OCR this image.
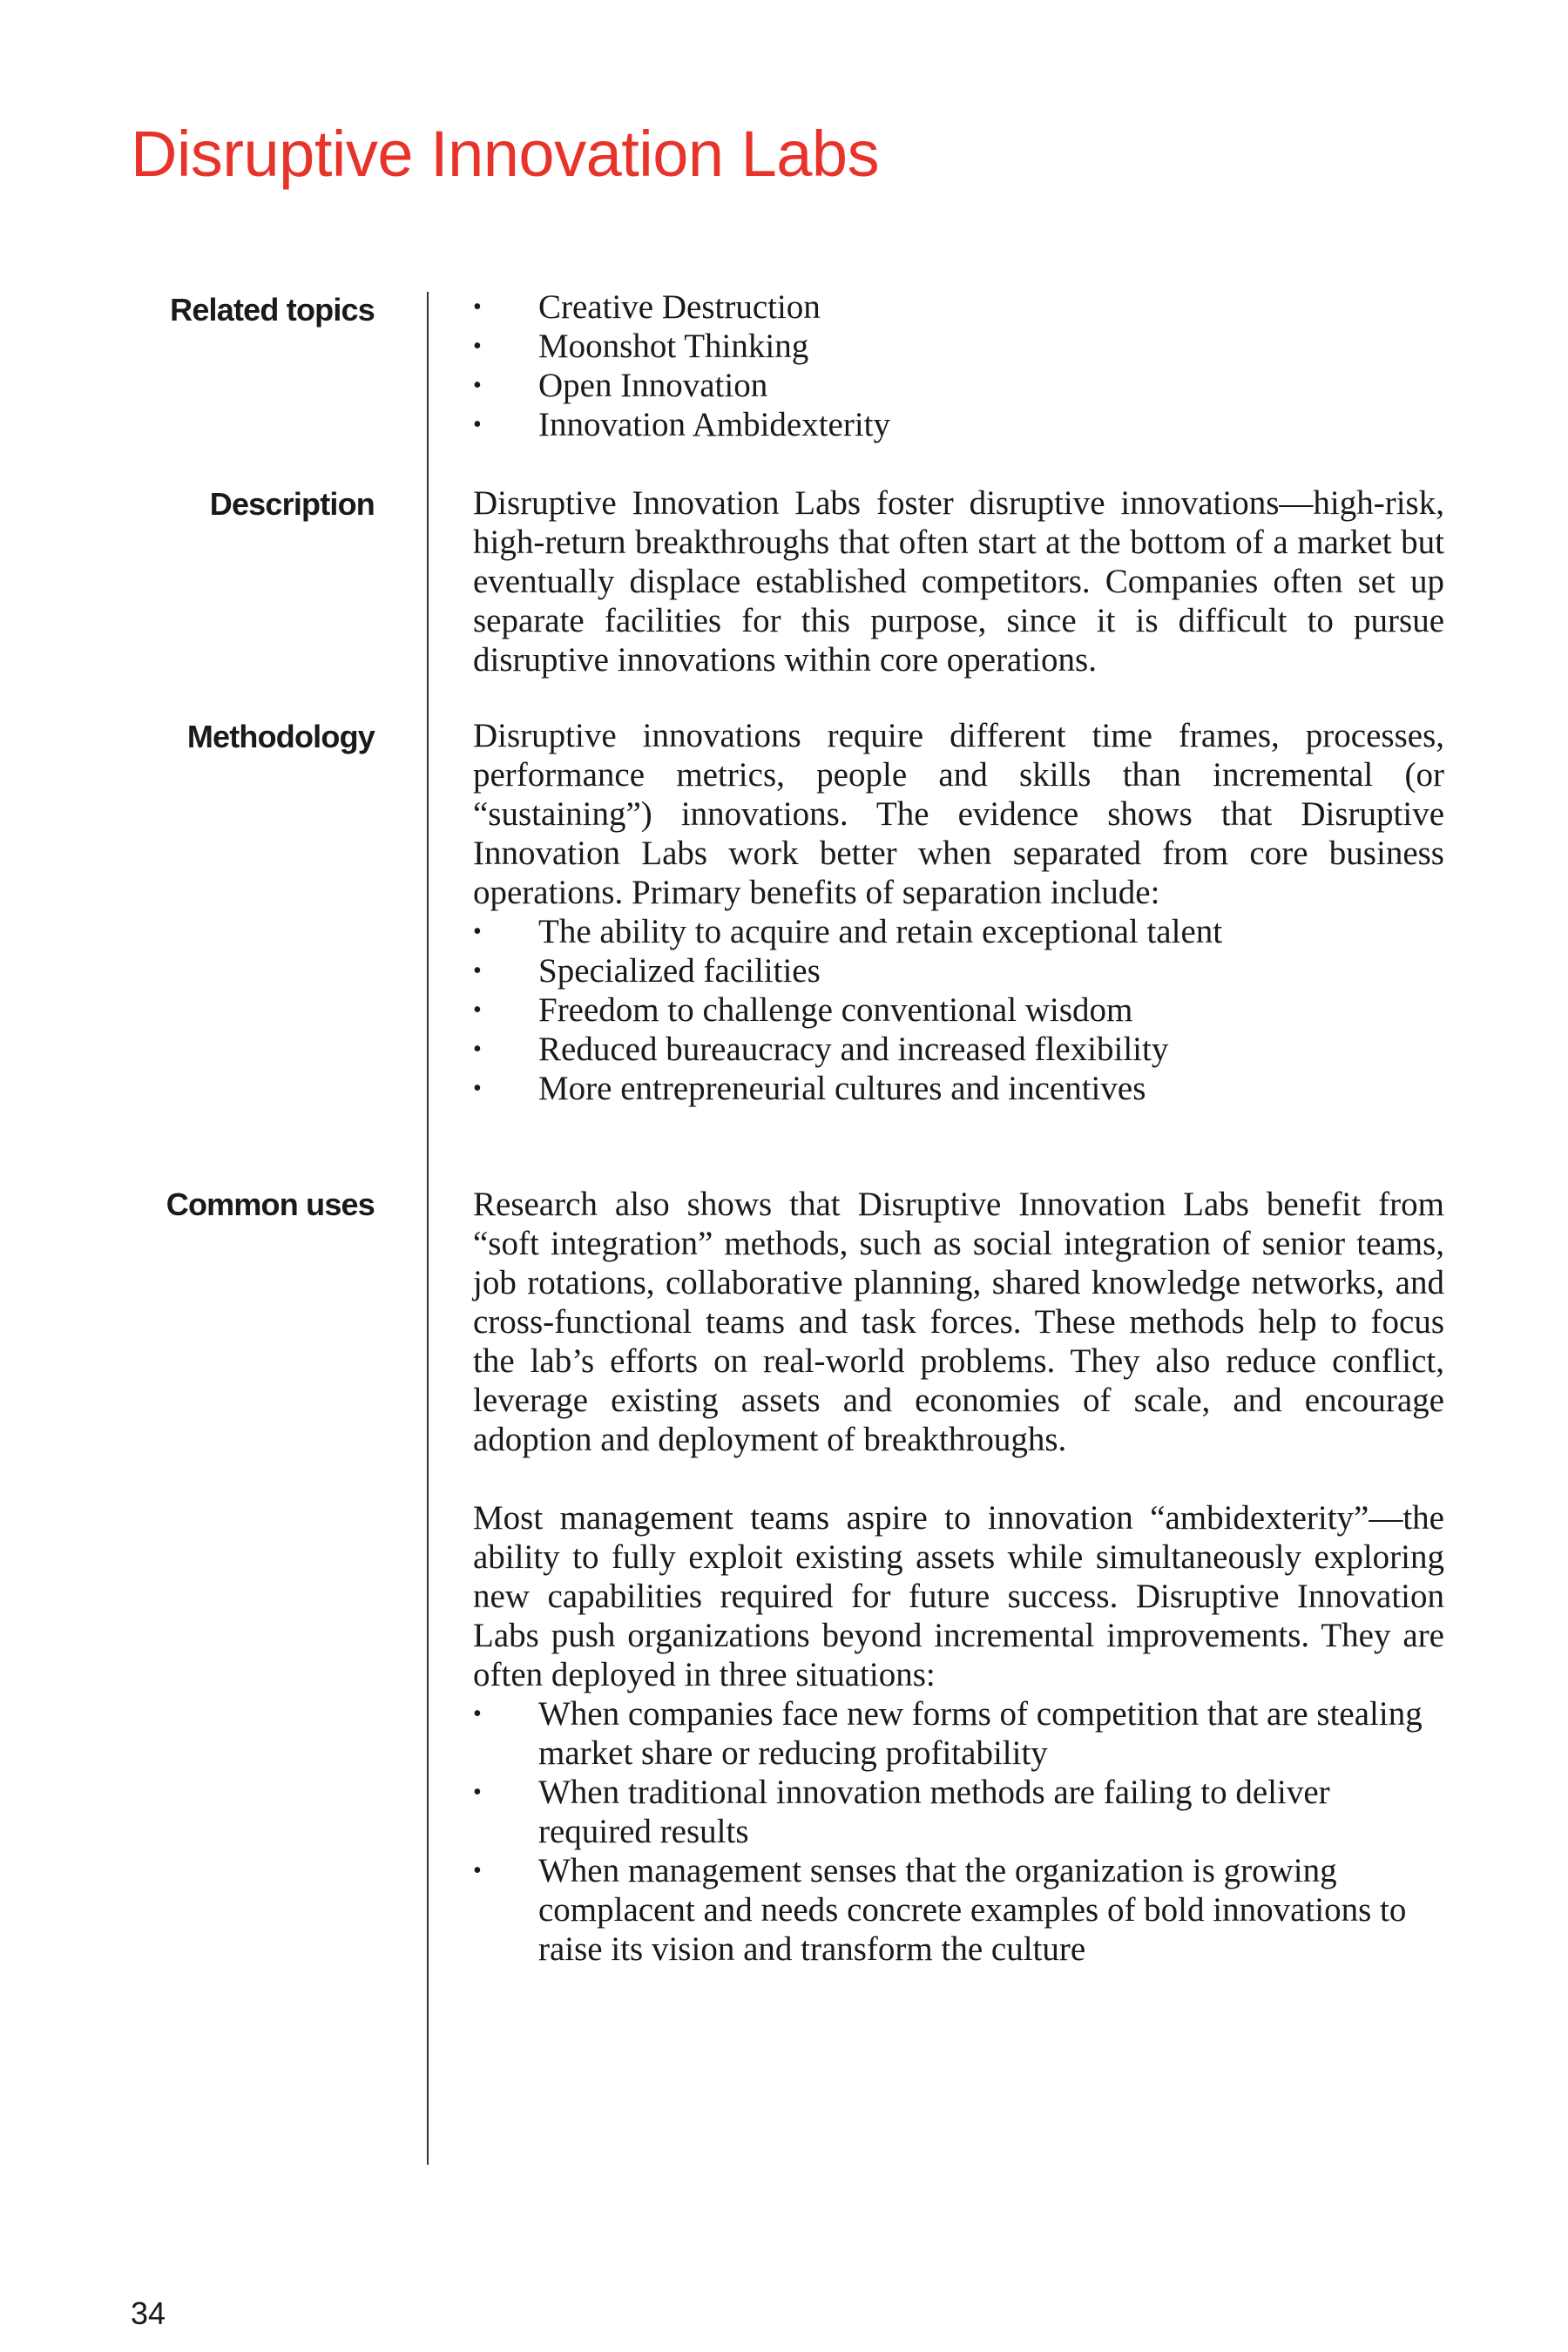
Disruptive Innovation Labs
Related topics
•	Creative Destruction
• Moonshot Thinking
• Open Innovation
• Innovation Ambidexterity
Description	Disruptive Innovation Labs foster disruptive innovations—high-risk, high-return breakthroughs that often start at the bottom of a market but eventually displace established competitors. Companies often set up separate facilities for this purpose, since it is difficult to pursue disruptive innovations within core operations.

Methodology	Disruptive innovations require different time frames, processes, performance metrics, people and skills than incremental (or “sustaining”) innovations. The evidence shows that Disruptive Innovation Labs work better when separated from core business operations. Primary benefits of separation include:

• The ability to acquire and retain exceptional talent
• Specialized facilities
• Freedom to challenge conventional wisdom
• Reduced bureaucracy and increased flexibility
• More entrepreneurial cultures and incentives
Common uses	Research also shows that Disruptive Innovation Labs benefit from “soft integration” methods, such as social integration of senior teams, job rotations, collaborative planning, shared knowledge networks, and cross-functional teams and task forces. These methods help to focus the lab’s efforts on real-world problems. They also reduce conflict, leverage existing assets and economies of scale, and encourage adoption and deployment of breakthroughs.

Most management teams aspire to innovation “ambidexterity”—the ability to fully exploit existing assets while simultaneously exploring new capabilities required for future success. Disruptive Innovation Labs push organizations beyond incremental improvements. They are often deployed in three situations:

• When companies face new forms of competition that are stealing market share or reducing profitability
• When traditional innovation methods are failing to deliver required results
• When management senses that the organization is growing complacent and needs concrete examples of bold innovations to raise its vision and transform the culture
34
